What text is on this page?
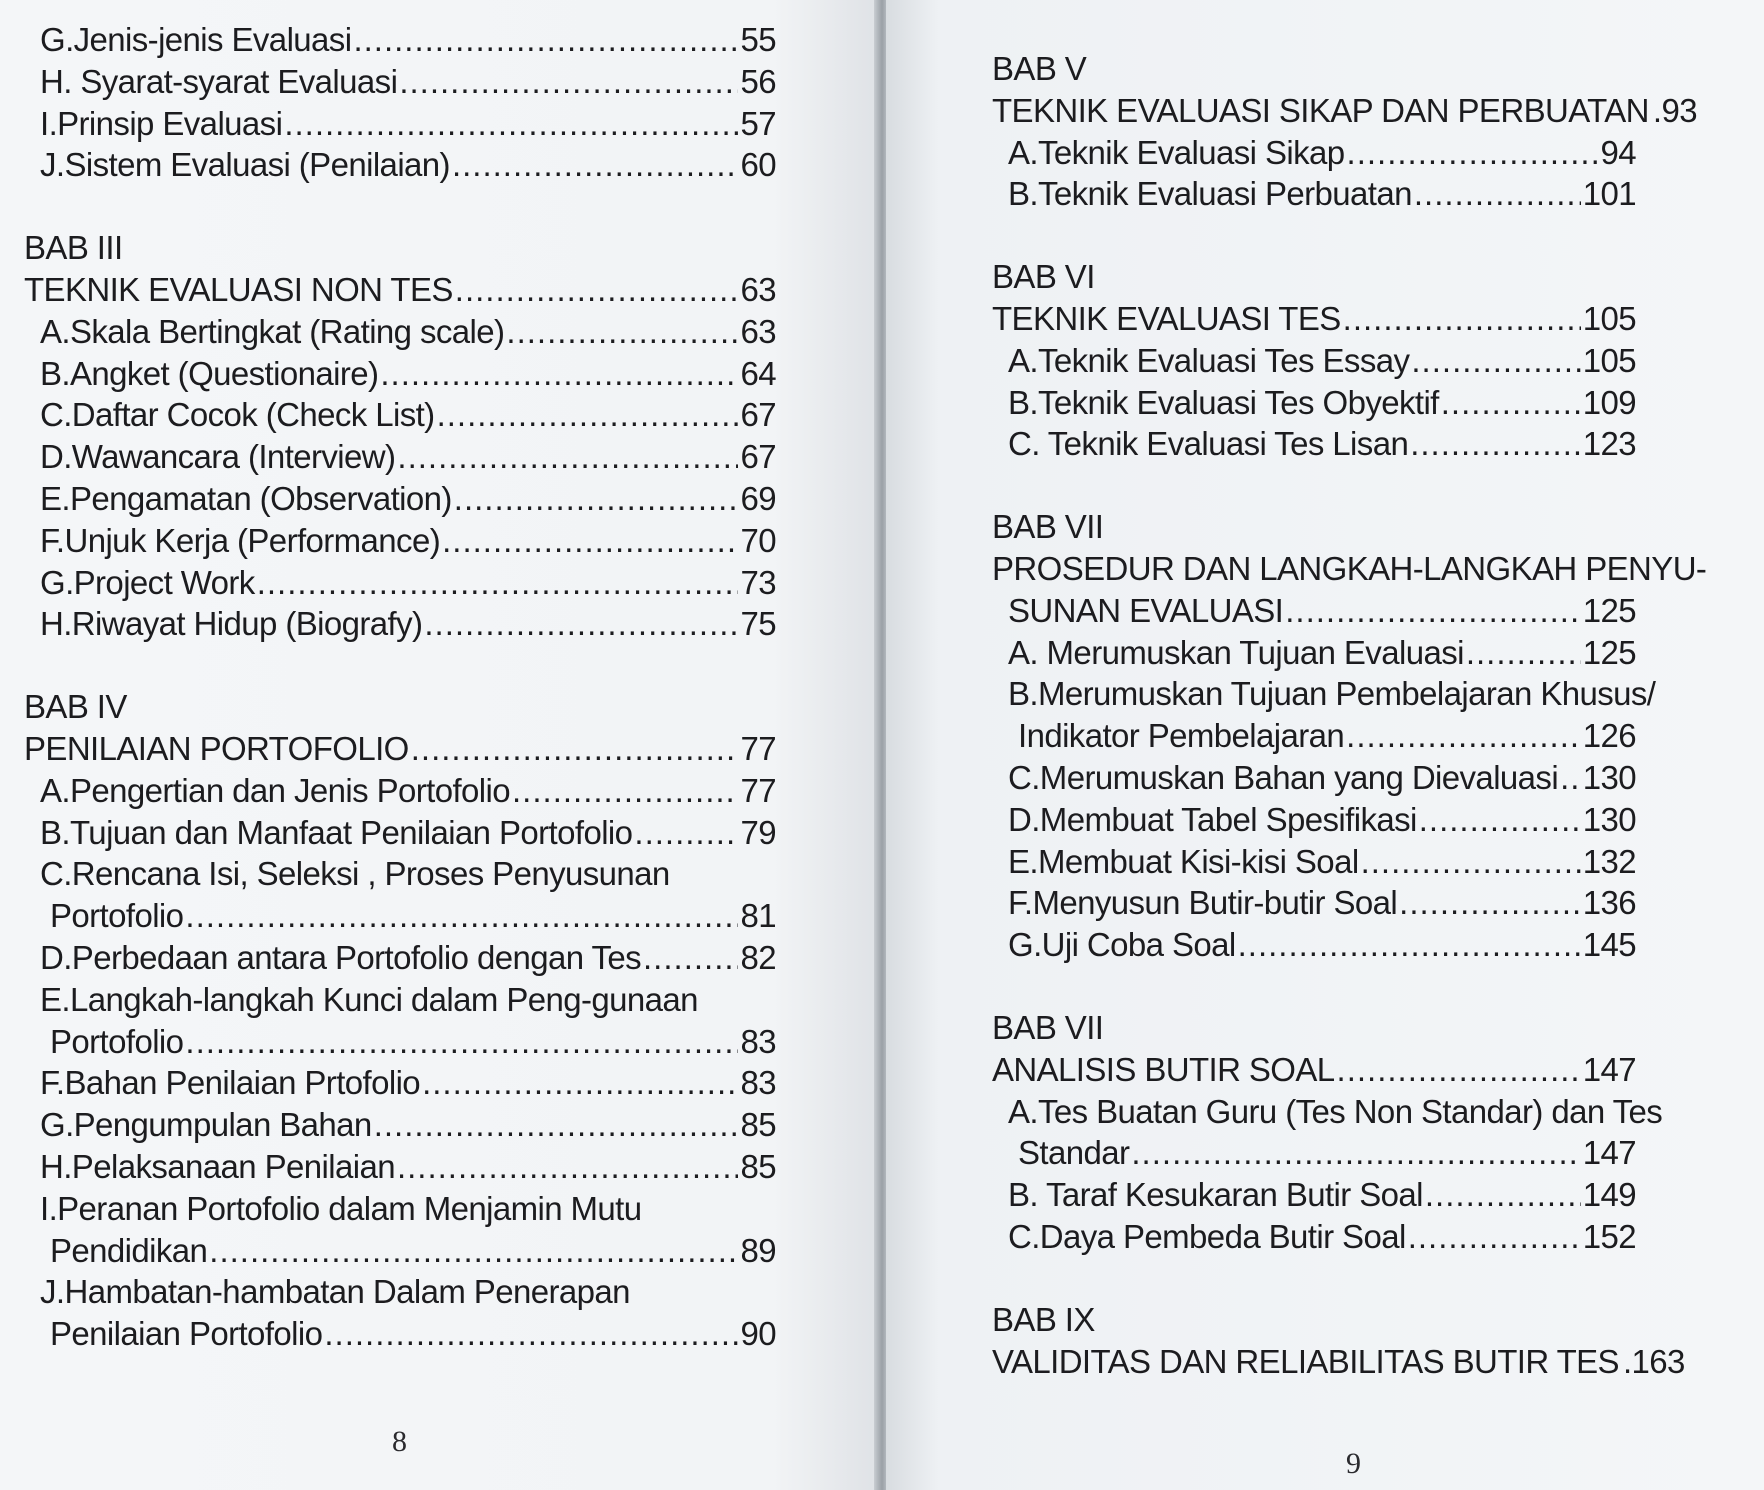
G.Jenis-jenis Evaluasi .....	55
H. Syarat-syarat Evaluasi .....	56
I.Prinsip Evaluasi .....	57
J.Sistem Evaluasi (Penilaian) .....	60
BAB III
TEKNIK EVALUASI NON TES .....	63
A.Skala Bertingkat (Rating scale) .....	63
B.Angket (Questionaire) .....	64
C.Daftar Cocok (Check List) .....	67
D.Wawancara (Interview) .....	67
E.Pengamatan (Observation) .....	69
F.Unjuk Kerja (Performance) .....	70
G.Project Work .....	73
H.Riwayat Hidup (Biografy) .....	75
BAB IV
PENILAIAN PORTOFOLIO .....	77
A.Pengertian dan Jenis Portofolio .....	77
B.Tujuan dan Manfaat Penilaian Portofolio .....	79
C.Rencana Isi, Seleksi , Proses Penyusunan
Portofolio .....	81
D.Perbedaan antara Portofolio dengan Tes .....	82
E.Langkah-langkah Kunci dalam Peng-gunaan
Portofolio .....	83
F.Bahan Penilaian Prtofolio .....	83
G.Pengumpulan Bahan .....	85
H.Pelaksanaan Penilaian .....	85
I.Peranan Portofolio dalam Menjamin Mutu
Pendidikan .....	89
J.Hambatan-hambatan Dalam Penerapan
Penilaian Portofolio .....	90
8
BAB V
TEKNIK EVALUASI SIKAP DAN PERBUATAN .93
A.Teknik Evaluasi Sikap .....	94
B.Teknik Evaluasi Perbuatan .....	101
BAB VI
TEKNIK EVALUASI TES .....	105
A.Teknik Evaluasi Tes Essay .....	105
B.Teknik Evaluasi Tes Obyektif .....	109
C. Teknik Evaluasi Tes Lisan .....	123
BAB VII
PROSEDUR DAN LANGKAH-LANGKAH PENYU-
SUNAN EVALUASI .....	125
A. Merumuskan Tujuan Evaluasi .....	125
B.Merumuskan Tujuan Pembelajaran Khusus/
Indikator Pembelajaran .....	126
C.Merumuskan Bahan yang Dievaluasi ..... 130
D.Membuat Tabel Spesifikasi .....	130
E.Membuat Kisi-kisi Soal .....	132
F.Menyusun Butir-butir Soal .....	136
G.Uji Coba Soal .....	145
BAB VII
ANALISIS BUTIR SOAL .....	147
A.Tes Buatan Guru (Tes Non Standar) dan Tes
Standar .....	147
B. Taraf Kesukaran Butir Soal .....	149
C.Daya Pembeda Butir Soal .....	152
BAB IX
VALIDITAS DAN RELIABILITAS BUTIR TES .163
9
